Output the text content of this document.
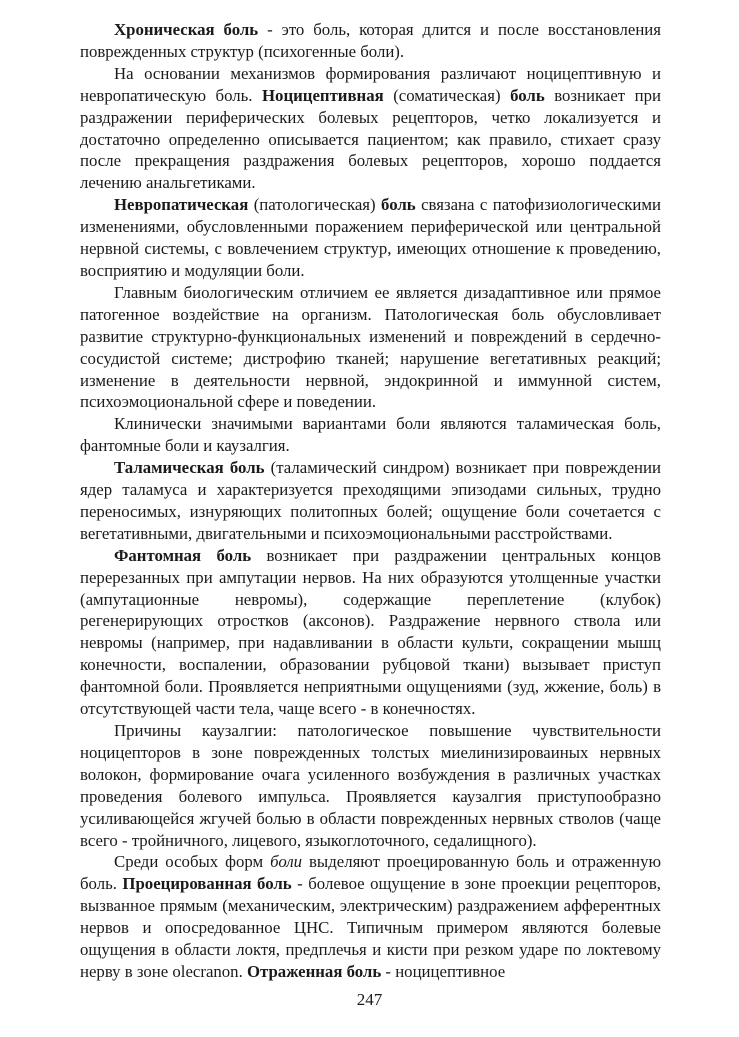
Хроническая боль - это боль, которая длится и после восстановления поврежденных структур (психогенные боли).

На основании механизмов формирования различают ноцицептивную и невропатическую боль. Ноцицептивная (соматическая) боль возникает при раздражении периферических болевых рецепторов, четко локализуется и достаточно определенно описывается пациентом; как правило, стихает сразу после прекращения раздражения болевых рецепторов, хорошо поддается лечению анальгетиками.

Невропатическая (патологическая) боль связана с патофизиологическими изменениями, обусловленными поражением периферической или центральной нервной системы, с вовлечением структур, имеющих отношение к проведению, восприятию и модуляции боли.

Главным биологическим отличием ее является дизадаптивное или прямое патогенное воздействие на организм. Патологическая боль обусловливает развитие структурно-функциональных изменений и повреждений в сердечно-сосудистой системе; дистрофию тканей; нарушение вегетативных реакций; изменение в деятельности нервной, эндокринной и иммунной систем, психоэмоциональной сфере и поведении.

Клинически значимыми вариантами боли являются таламическая боль, фантомные боли и каузалгия.

Таламическая боль (таламический синдром) возникает при повреждении ядер таламуса и характеризуется преходящими эпизодами сильных, трудно переносимых, изнуряющих политопных болей; ощущение боли сочетается с вегетативными, двигательными и психоэмоциональными расстройствами.

Фантомная боль возникает при раздражении центральных концов перерезанных при ампутации нервов. На них образуются утолщенные участки (ампутационные невромы), содержащие переплетение (клубок) регенерирующих отростков (аксонов). Раздражение нервного ствола или невромы (например, при надавливании в области культи, сокращении мышц конечности, воспалении, образовании рубцовой ткани) вызывает приступ фантомной боли. Проявляется неприятными ощущениями (зуд, жжение, боль) в отсутствующей части тела, чаще всего - в конечностях.

Причины каузалгии: патологическое повышение чувствительности ноцицепторов в зоне поврежденных толстых миелинизироваиных нервных волокон, формирование очага усиленного возбуждения в различных участках проведения болевого импульса. Проявляется каузалгия приступообразно усиливающейся жгучей болью в области поврежденных нервных стволов (чаще всего - тройничного, лицевого, языкоглоточного, седалищного).

Среди особых форм боли выделяют проецированную боль и отраженную боль. Проецированная боль - болевое ощущение в зоне проекции рецепторов, вызванное прямым (механическим, электрическим) раздражением афферентных нервов и опосредованное ЦНС. Типичным примером являются болевые ощущения в области локтя, предплечья и кисти при резком ударе по локтевому нерву в зоне olecranon. Отраженная боль - ноцицептивное

247
